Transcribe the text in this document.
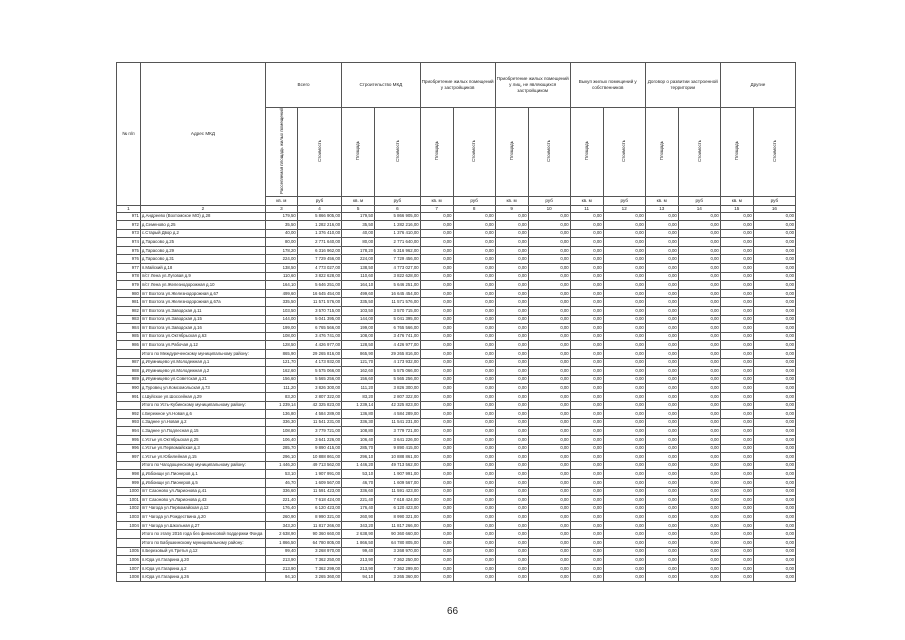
№ п/п	Адрес МКД	Всего		Строительство МКД		Приобретение жилых помещений у застройщиков		Приобретение жилых помещений у лиц, не являющихся застройщиком		Выкуп жилых помещений у собственников		Договор о развитии застроенной территории		Другие	
		Расселяемая площадь жилых помещений	Стоимость	Площадь	Стоимость	Площадь	Стоимость	Площадь	Стоимость	Площадь	Стоимость	Площадь	Стоимость	Площадь	Стоимость
		кв. м	руб	кв. м	руб	кв. м	руб	кв. м	руб	кв. м	руб	кв. м	руб	кв. м	руб
1	2	3	4	5	6	7	8	9	10	11	12	13	14	15	16
971	д.Андреево (Вохтомское МО) д.28	179,50	5 866 905,00	179,50	5 866 905,00	0,00	0,00	0,00	0,00	0,00	0,00	0,00	0,00	0,00	0,00
972	д.Семеново д.25	35,50	1 282 216,00	35,50	1 282 216,00	0,00	0,00	0,00	0,00	0,00	0,00	0,00	0,00	0,00	0,00
973	с.Старый Двор д.2	40,00	1 376 410,00	40,00	1 376 410,00	0,00	0,00	0,00	0,00	0,00	0,00	0,00	0,00	0,00	0,00
974	д.Тарасово д.25	80,00	2 771 640,00	80,00	2 771 640,00	0,00	0,00	0,00	0,00	0,00	0,00	0,00	0,00	0,00	0,00
975	д.Тарасово д.29	178,20	6 316 962,00	178,20	6 316 962,00	0,00	0,00	0,00	0,00	0,00	0,00	0,00	0,00	0,00	0,00
976	д.Тарасово д.31	224,00	7 729 456,00	224,00	7 729 456,00	0,00	0,00	0,00	0,00	0,00	0,00	0,00	0,00	0,00	0,00
977	п.Майский д.18	138,50	4 773 027,00	138,50	4 773 027,00	0,00	0,00	0,00	0,00	0,00	0,00	0,00	0,00	0,00	0,00
978	п/ст Лена ул.Луговая д.9	110,60	3 822 628,00	110,60	3 822 628,00	0,00	0,00	0,00	0,00	0,00	0,00	0,00	0,00	0,00	0,00
979	п/ст Лена ул.Железнодорожная д.10	164,10	5 646 251,00	164,10	5 646 251,00	0,00	0,00	0,00	0,00	0,00	0,00	0,00	0,00	0,00	0,00
980	пгт Вохтога ул.Железнодорожная д.67	499,60	16 645 454,00	499,60	16 645 454,00	0,00	0,00	0,00	0,00	0,00	0,00	0,00	0,00	0,00	0,00
981	пгт Вохтога ул.Железнодорожная д.67а	335,50	11 571 576,00	335,50	11 571 576,00	0,00	0,00	0,00	0,00	0,00	0,00	0,00	0,00	0,00	0,00
982	пгт Вохтога ул.Заводская д.11	103,50	3 570 715,00	103,50	3 570 715,00	0,00	0,00	0,00	0,00	0,00	0,00	0,00	0,00	0,00	0,00
983	пгт Вохтога ул.Заводская д.15	144,00	5 041 395,00	144,00	5 041 395,00	0,00	0,00	0,00	0,00	0,00	0,00	0,00	0,00	0,00	0,00
984	пгт Вохтога ул.Заводская д.16	199,00	6 765 566,00	199,00	6 765 566,00	0,00	0,00	0,00	0,00	0,00	0,00	0,00	0,00	0,00	0,00
985	пгт Вохтога ул.Октябрьская д.63	108,00	3 476 741,00	108,00	3 476 741,00	0,00	0,00	0,00	0,00	0,00	0,00	0,00	0,00	0,00	0,00
986	пгт Вохтога ул.Рабочая д.12	128,50	4 426 977,00	128,50	4 426 977,00	0,00	0,00	0,00	0,00	0,00	0,00	0,00	0,00	0,00	0,00
	Итого по Междуреченскому муниципальному району:	865,90	29 265 816,00	865,90	29 265 816,00	0,00	0,00	0,00	0,00	0,00	0,00	0,00	0,00	0,00	0,00
987	д.Игумницево ул.Молодежная д.1	121,70	4 173 932,00	121,70	4 173 932,00	0,00	0,00	0,00	0,00	0,00	0,00	0,00	0,00	0,00	0,00
988	д.Игумницево ул.Молодежная д.2	162,60	5 575 066,00	162,60	5 575 066,00	0,00	0,00	0,00	0,00	0,00	0,00	0,00	0,00	0,00	0,00
989	д.Игумницево ул.Советская д.21	156,60	5 565 256,00	156,60	5 565 256,00	0,00	0,00	0,00	0,00	0,00	0,00	0,00	0,00	0,00	0,00
990	д.Туровец ул.Комсомольская д.73	111,20	3 826 300,00	111,20	3 826 300,00	0,00	0,00	0,00	0,00	0,00	0,00	0,00	0,00	0,00	0,00
991	с.Шуйское ул.Шоссейная д.29	83,20	2 807 322,00	83,20	2 807 322,00	0,00	0,00	0,00	0,00	0,00	0,00	0,00	0,00	0,00	0,00
	Итого по Усть-Кубинскому муниципальному району:	1 239,14	42 325 823,00	1 239,14	42 325 823,00	0,00	0,00	0,00	0,00	0,00	0,00	0,00	0,00	0,00	0,00
992	с.Бережное ул.Новая д.6	136,80	4 584 289,00	136,80	4 584 289,00	0,00	0,00	0,00	0,00	0,00	0,00	0,00	0,00	0,00	0,00
993	с.Заднее ул.Новая д.2	336,30	11 541 231,00	336,30	11 541 231,00	0,00	0,00	0,00	0,00	0,00	0,00	0,00	0,00	0,00	0,00
994	с.Заднее ул.Подлесная д.15	108,80	3 779 721,00	108,80	3 779 721,00	0,00	0,00	0,00	0,00	0,00	0,00	0,00	0,00	0,00	0,00
995	с.Устье ул.Октябрьская д.25	106,40	3 641 226,00	106,40	3 641 226,00	0,00	0,00	0,00	0,00	0,00	0,00	0,00	0,00	0,00	0,00
996	с.Устье ул.Первомайская д.3	285,70	9 890 415,00	285,70	9 890 415,00	0,00	0,00	0,00	0,00	0,00	0,00	0,00	0,00	0,00	0,00
997	с.Устье ул.Юбилейная д.15	296,10	10 888 861,00	296,10	10 888 861,00	0,00	0,00	0,00	0,00	0,00	0,00	0,00	0,00	0,00	0,00
	Итого по Чагодощенскому муниципальному району:	1 446,20	49 713 562,00	1 446,20	49 713 562,00	0,00	0,00	0,00	0,00	0,00	0,00	0,00	0,00	0,00	0,00
998	д.Избоищи ул.Пионеров д.1	53,10	1 907 991,00	53,10	1 907 991,00	0,00	0,00	0,00	0,00	0,00	0,00	0,00	0,00	0,00	0,00
999	д.Избоищи ул.Пионеров д.5	46,70	1 609 567,00	46,70	1 609 567,00	0,00	0,00	0,00	0,00	0,00	0,00	0,00	0,00	0,00	0,00
1000	пгт Сазоново ул.Ларионова д.41	336,60	11 591 423,00	336,60	11 591 423,00	0,00	0,00	0,00	0,00	0,00	0,00	0,00	0,00	0,00	0,00
1001	пгт Сазоново ул.Ларионова д.43	221,40	7 618 424,00	221,40	7 618 424,00	0,00	0,00	0,00	0,00	0,00	0,00	0,00	0,00	0,00	0,00
1002	пгт Чагода ул.Первомайская д.12	176,40	6 120 423,00	176,40	6 120 423,00	0,00	0,00	0,00	0,00	0,00	0,00	0,00	0,00	0,00	0,00
1003	пгт Чагода ул.Рождествина д.20	260,90	8 990 321,00	260,90	8 990 321,00	0,00	0,00	0,00	0,00	0,00	0,00	0,00	0,00	0,00	0,00
1004	пгт Чагода ул.Школьная д.27	343,20	11 817 266,00	343,20	11 817 266,00	0,00	0,00	0,00	0,00	0,00	0,00	0,00	0,00	0,00	0,00
	Итого по этапу 2016 года без финансовой поддержки Фонда	2 638,90	90 360 660,00	2 638,90	90 360 660,00	0,00	0,00	0,00	0,00	0,00	0,00	0,00	0,00	0,00	0,00
	Итого по Бабушкинскому муниципальному району:	1 866,50	64 780 805,00	1 866,50	64 780 805,00	0,00	0,00	0,00	0,00	0,00	0,00	0,00	0,00	0,00	0,00
1005	п.Березовый ул.Третья д.12	99,40	3 268 970,00	99,40	3 268 970,00	0,00	0,00	0,00	0,00	0,00	0,00	0,00	0,00	0,00	0,00
1006	п.Юда ул.Гагарина д.20	213,90	7 362 250,00	213,90	7 362 250,00	0,00	0,00	0,00	0,00	0,00	0,00	0,00	0,00	0,00	0,00
1007	п.Юда ул.Гагарина д.2	213,90	7 362 299,00	213,90	7 362 299,00	0,00	0,00	0,00	0,00	0,00	0,00	0,00	0,00	0,00	0,00
1008	п.Юда ул.Гагарина д.26	94,10	3 265 360,00	94,10	3 265 360,00	0,00	0,00	0,00	0,00	0,00	0,00	0,00	0,00	0,00	0,00
66
